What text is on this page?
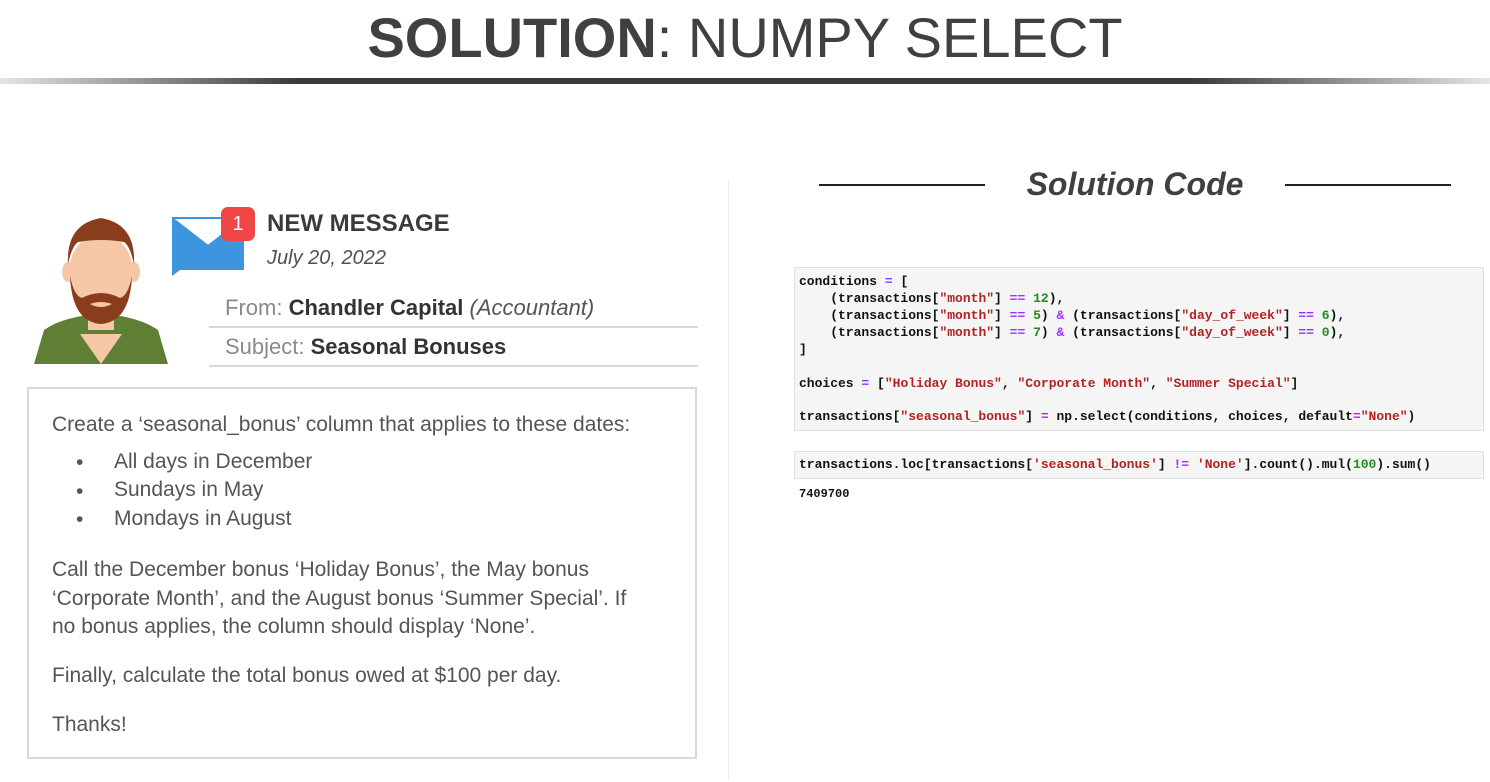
SOLUTION: NUMPY SELECT
1 NEW MESSAGE
July 20, 2022
From: Chandler Capital (Accountant)
Subject: Seasonal Bonuses
Create a ‘seasonal_bonus’ column that applies to these dates:
• All days in December
• Sundays in May
• Mondays in August
Call the December bonus ‘Holiday Bonus’, the May bonus
‘Corporate Month’, and the August bonus ‘Summer Special’. If
no bonus applies, the column should display ‘None’.
Finally, calculate the total bonus owed at $100 per day.
Thanks!
Solution Code
conditions = [
(transactions["month"] == 12),
(transactions["month"] == 5) & (transactions["day_of_week"] == 6),
(transactions["month"] == 7) & (transactions["day_of_week"] == 0),
]
choices = ["Holiday Bonus", "Corporate Month", "Summer Special"]
transactions["seasonal_bonus"] = np.select(conditions, choices, default="None")
transactions.loc[transactions['seasonal_bonus'] != 'None'].count().mul(100).sum()
7409700
